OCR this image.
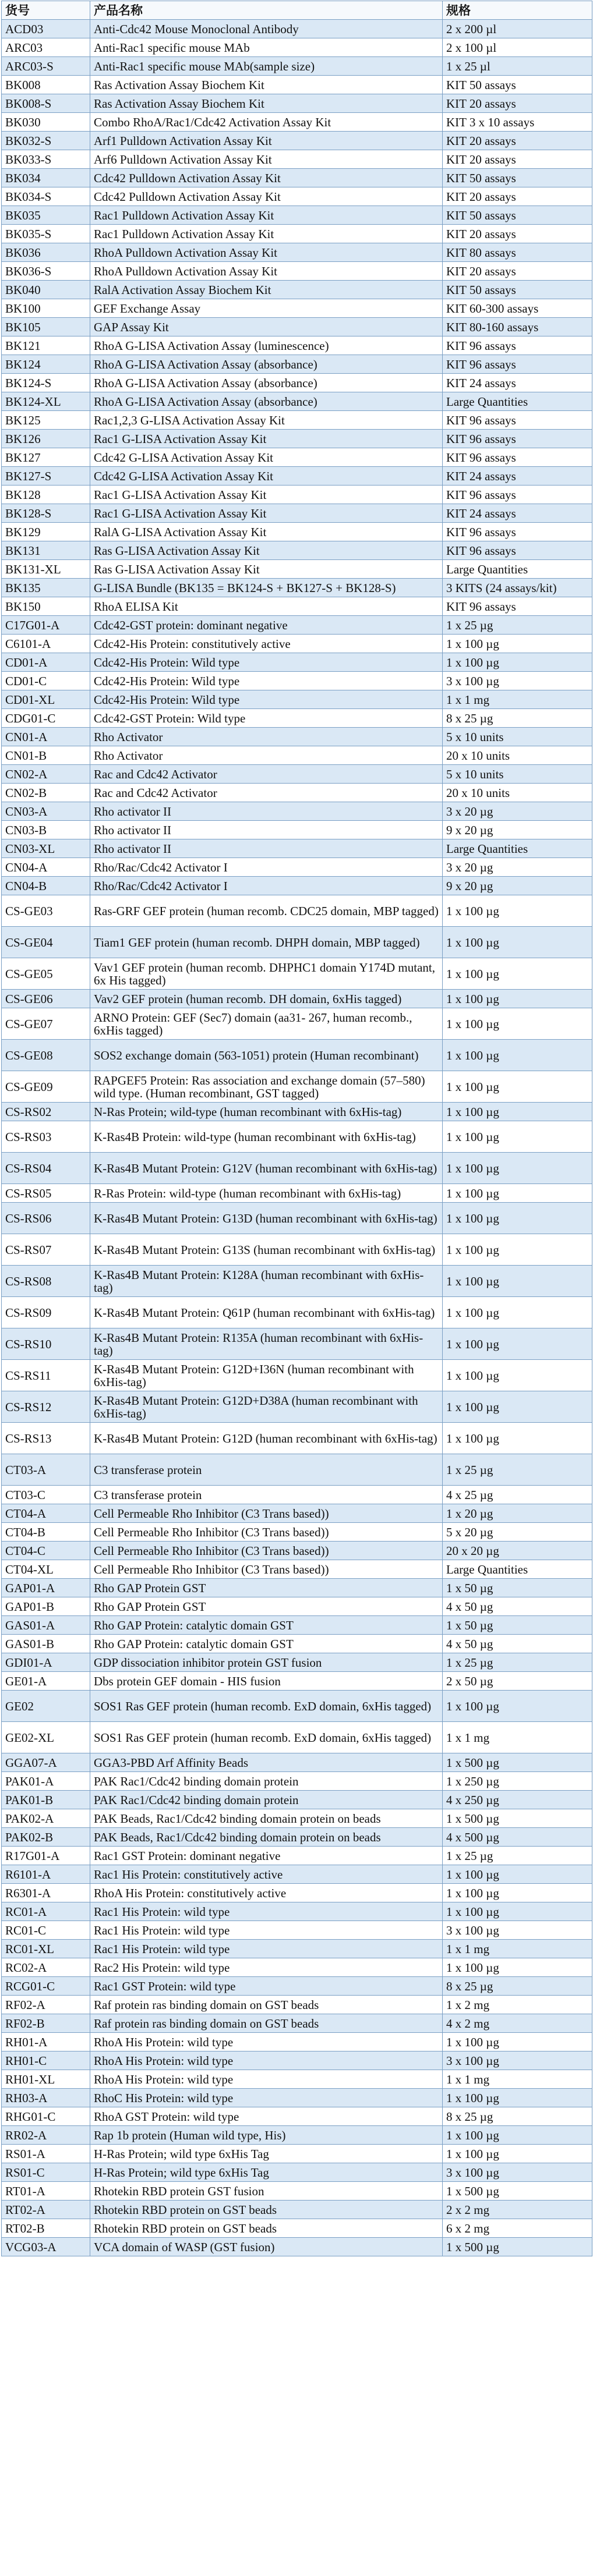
货号	产品名称	规格
ACD03	Anti-Cdc42 Mouse Monoclonal Antibody	2 x 200 µl
ARC03	Anti-Rac1 specific mouse MAb	2 x 100 µl
ARC03-S	Anti-Rac1 specific mouse MAb(sample size)	1 x 25 µl
BK008	Ras Activation Assay Biochem Kit	KIT 50 assays
BK008-S	Ras Activation Assay Biochem Kit	KIT 20 assays
BK030	Combo RhoA/Rac1/Cdc42 Activation Assay Kit	KIT 3 x 10 assays
BK032-S	Arf1 Pulldown Activation Assay Kit	KIT 20 assays
BK033-S	Arf6 Pulldown Activation Assay Kit	KIT 20 assays
BK034	Cdc42 Pulldown Activation Assay Kit	KIT 50 assays
BK034-S	Cdc42 Pulldown Activation Assay Kit	KIT 20 assays
BK035	Rac1 Pulldown Activation Assay Kit	KIT 50 assays
BK035-S	Rac1 Pulldown Activation Assay Kit	KIT 20 assays
BK036	RhoA Pulldown Activation Assay Kit	KIT 80 assays
BK036-S	RhoA Pulldown Activation Assay Kit	KIT 20 assays
BK040	RalA Activation Assay Biochem Kit	KIT 50 assays
BK100	GEF Exchange Assay	KIT 60-300 assays
BK105	GAP Assay Kit	KIT 80-160 assays
BK121	RhoA G-LISA Activation Assay (luminescence)	KIT 96 assays
BK124	RhoA G-LISA Activation Assay (absorbance)	KIT 96 assays
BK124-S	RhoA G-LISA Activation Assay (absorbance)	KIT 24 assays
BK124-XL	RhoA G-LISA Activation Assay (absorbance)	Large Quantities
BK125	Rac1,2,3 G-LISA Activation Assay Kit	KIT 96 assays
BK126	Rac1 G-LISA Activation Assay Kit	KIT 96 assays
BK127	Cdc42 G-LISA Activation Assay Kit	KIT 96 assays
BK127-S	Cdc42 G-LISA Activation Assay Kit	KIT 24 assays
BK128	Rac1 G-LISA Activation Assay Kit	KIT 96 assays
BK128-S	Rac1 G-LISA Activation Assay Kit	KIT 24 assays
BK129	RalA G-LISA Activation Assay Kit	KIT 96 assays
BK131	Ras G-LISA Activation Assay Kit	KIT 96 assays
BK131-XL	Ras G-LISA Activation Assay Kit	Large Quantities
BK135	G-LISA Bundle (BK135 = BK124-S + BK127-S + BK128-S)	3 KITS (24 assays/kit)
BK150	RhoA ELISA Kit	KIT 96 assays
C17G01-A	Cdc42-GST protein: dominant negative	1 x 25 µg
C6101-A	Cdc42-His Protein: constitutively active	1 x 100 µg
CD01-A	Cdc42-His Protein: Wild type	1 x 100 µg
CD01-C	Cdc42-His Protein: Wild type	3 x 100 µg
CD01-XL	Cdc42-His Protein: Wild type	1 x 1 mg
CDG01-C	Cdc42-GST Protein: Wild type	8 x 25 µg
CN01-A	Rho Activator	5 x 10 units
CN01-B	Rho Activator	20 x 10 units
CN02-A	Rac and Cdc42 Activator	5 x 10 units
CN02-B	Rac and Cdc42 Activator	20 x 10 units
CN03-A	Rho activator II	3 x 20 µg
CN03-B	Rho activator II	9 x 20 µg
CN03-XL	Rho activator II	Large Quantities
CN04-A	Rho/Rac/Cdc42 Activator I	3 x 20 µg
CN04-B	Rho/Rac/Cdc42 Activator I	9 x 20 µg
CS-GE03	Ras-GRF GEF protein (human recomb. CDC25 domain, MBP tagged)	1 x 100 µg
CS-GE04	Tiam1 GEF protein (human recomb. DHPH domain, MBP tagged)	1 x 100 µg
CS-GE05	Vav1 GEF protein (human recomb. DHPHC1 domain Y174D mutant, 6x His tagged)	1 x 100 µg
CS-GE06	Vav2 GEF protein (human recomb. DH domain, 6xHis tagged)	1 x 100 µg
CS-GE07	ARNO Protein: GEF (Sec7) domain (aa31- 267, human recomb., 6xHis tagged)	1 x 100 µg
CS-GE08	SOS2 exchange domain (563-1051) protein (Human recombinant)	1 x 100 µg
CS-GE09	RAPGEF5 Protein: Ras association and exchange domain (57–580) wild type. (Human recombinant, GST tagged)	1 x 100 µg
CS-RS02	N-Ras Protein; wild-type (human recombinant with 6xHis-tag)	1 x 100 µg
CS-RS03	K-Ras4B Protein: wild-type (human recombinant with 6xHis-tag)	1 x 100 µg
CS-RS04	K-Ras4B Mutant Protein: G12V (human recombinant with 6xHis-tag)	1 x 100 µg
CS-RS05	R-Ras Protein: wild-type (human recombinant with 6xHis-tag)	1 x 100 µg
CS-RS06	K-Ras4B Mutant Protein: G13D (human recombinant with 6xHis-tag)	1 x 100 µg
CS-RS07	K-Ras4B Mutant Protein: G13S (human recombinant with 6xHis-tag)	1 x 100 µg
CS-RS08	K-Ras4B Mutant Protein: K128A (human recombinant with 6xHis-tag)	1 x 100 µg
CS-RS09	K-Ras4B Mutant Protein: Q61P (human recombinant with 6xHis-tag)	1 x 100 µg
CS-RS10	K-Ras4B Mutant Protein: R135A (human recombinant with 6xHis-tag)	1 x 100 µg
CS-RS11	K-Ras4B Mutant Protein: G12D+I36N (human recombinant with 6xHis-tag)	1 x 100 µg
CS-RS12	K-Ras4B Mutant Protein: G12D+D38A (human recombinant with 6xHis-tag)	1 x 100 µg
CS-RS13	K-Ras4B Mutant Protein: G12D (human recombinant with 6xHis-tag)	1 x 100 µg
CT03-A	C3 transferase protein	1 x 25 µg
CT03-C	C3 transferase protein	4 x 25 µg
CT04-A	Cell Permeable Rho Inhibitor (C3 Trans based))	1 x 20 µg
CT04-B	Cell Permeable Rho Inhibitor (C3 Trans based))	5 x 20 µg
CT04-C	Cell Permeable Rho Inhibitor (C3 Trans based))	20 x 20 µg
CT04-XL	Cell Permeable Rho Inhibitor (C3 Trans based))	Large Quantities
GAP01-A	Rho GAP Protein GST	1 x 50 µg
GAP01-B	Rho GAP Protein GST	4 x 50 µg
GAS01-A	Rho GAP Protein: catalytic domain GST	1 x 50 µg
GAS01-B	Rho GAP Protein: catalytic domain GST	4 x 50 µg
GDI01-A	GDP dissociation inhibitor protein GST fusion	1 x 25 µg
GE01-A	Dbs protein GEF domain - HIS fusion	2 x 50 µg
GE02	SOS1 Ras GEF protein (human recomb. ExD domain, 6xHis tagged)	1 x 100 µg
GE02-XL	SOS1 Ras GEF protein (human recomb. ExD domain, 6xHis tagged)	1 x 1 mg
GGA07-A	GGA3-PBD Arf Affinity Beads	1 x 500 µg
PAK01-A	PAK Rac1/Cdc42 binding domain protein	1 x 250 µg
PAK01-B	PAK Rac1/Cdc42 binding domain protein	4 x 250 µg
PAK02-A	PAK Beads, Rac1/Cdc42 binding domain protein on beads	1 x 500 µg
PAK02-B	PAK Beads, Rac1/Cdc42 binding domain protein on beads	4 x 500 µg
R17G01-A	Rac1 GST Protein: dominant negative	1 x 25 µg
R6101-A	Rac1 His Protein: constitutively active	1 x 100 µg
R6301-A	RhoA His Protein: constitutively active	1 x 100 µg
RC01-A	Rac1 His Protein: wild type	1 x 100 µg
RC01-C	Rac1 His Protein: wild type	3 x 100 µg
RC01-XL	Rac1 His Protein: wild type	1 x 1 mg
RC02-A	Rac2 His Protein: wild type	1 x 100 µg
RCG01-C	Rac1 GST Protein: wild type	8 x 25 µg
RF02-A	Raf protein ras binding domain on GST beads	1 x 2 mg
RF02-B	Raf protein ras binding domain on GST beads	4 x 2 mg
RH01-A	RhoA His Protein: wild type	1 x 100 µg
RH01-C	RhoA His Protein: wild type	3 x 100 µg
RH01-XL	RhoA His Protein: wild type	1 x 1 mg
RH03-A	RhoC His Protein: wild type	1 x 100 µg
RHG01-C	RhoA GST Protein: wild type	8 x 25 µg
RR02-A	Rap 1b protein (Human wild type, His)	1 x 100 µg
RS01-A	H-Ras Protein; wild type 6xHis Tag	1 x 100 µg
RS01-C	H-Ras Protein; wild type 6xHis Tag	3 x 100 µg
RT01-A	Rhotekin RBD protein GST fusion	1 x 500 µg
RT02-A	Rhotekin RBD protein on GST beads	2 x 2 mg
RT02-B	Rhotekin RBD protein on GST beads	6 x 2 mg
VCG03-A	VCA domain of WASP (GST fusion)	1 x 500 µg
